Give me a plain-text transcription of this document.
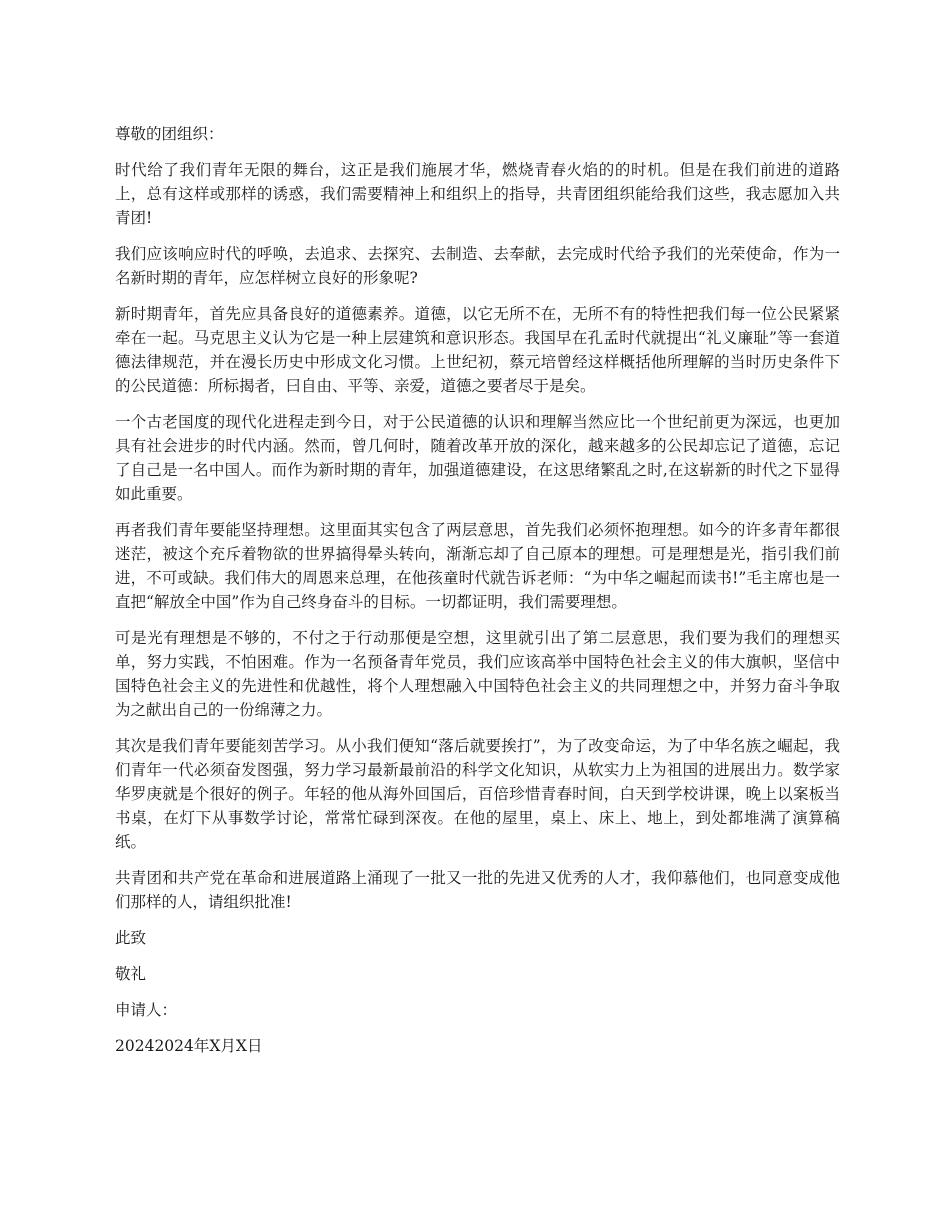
尊敬的团组织：

时代给了我们青年无限的舞台，这正是我们施展才华，燃烧青春火焰的的时机。但是在我们前进的道路上，总有这样或那样的诱惑，我们需要精神上和组织上的指导，共青团组织能给我们这些，我志愿加入共青团!

我们应该响应时代的呼唤，去追求、去探究、去制造、去奉献，去完成时代给予我们的光荣使命，作为一名新时期的青年，应怎样树立良好的形象呢?

新时期青年，首先应具备良好的道德素养。道德，以它无所不在，无所不有的特性把我们每一位公民紧紧牵在一起。马克思主义认为它是一种上层建筑和意识形态。我国早在孔孟时代就提出“礼义廉耻”等一套道德法律规范，并在漫长历史中形成文化习惯。上世纪初，蔡元培曾经这样概括他所理解的当时历史条件下的公民道德：所标揭者，曰自由、平等、亲爱，道德之要者尽于是矣。

一个古老国度的现代化进程走到今日，对于公民道德的认识和理解当然应比一个世纪前更为深远，也更加具有社会进步的时代内涵。然而，曾几何时，随着改革开放的深化，越来越多的公民却忘记了道德，忘记了自己是一名中国人。而作为新时期的青年，加强道德建设，在这思绪繁乱之时,在这崭新的时代之下显得如此重要。

再者我们青年要能坚持理想。这里面其实包含了两层意思，首先我们必须怀抱理想。如今的许多青年都很迷茫，被这个充斥着物欲的世界搞得晕头转向，渐渐忘却了自己原本的理想。可是理想是光，指引我们前进，不可或缺。我们伟大的周恩来总理，在他孩童时代就告诉老师：“为中华之崛起而读书!”毛主席也是一直把“解放全中国”作为自己终身奋斗的目标。一切都证明，我们需要理想。

可是光有理想是不够的，不付之于行动那便是空想，这里就引出了第二层意思，我们要为我们的理想买单，努力实践，不怕困难。作为一名预备青年党员，我们应该高举中国特色社会主义的伟大旗帜，坚信中国特色社会主义的先进性和优越性，将个人理想融入中国特色社会主义的共同理想之中，并努力奋斗争取为之献出自己的一份绵薄之力。

其次是我们青年要能刻苦学习。从小我们便知“落后就要挨打”，为了改变命运，为了中华名族之崛起，我们青年一代必须奋发图强，努力学习最新最前沿的科学文化知识，从软实力上为祖国的进展出力。数学家华罗庚就是个很好的例子。年轻的他从海外回国后，百倍珍惜青春时间，白天到学校讲课，晚上以案板当书桌，在灯下从事数学讨论，常常忙碌到深夜。在他的屋里，桌上、床上、地上，到处都堆满了演算稿纸。

共青团和共产党在革命和进展道路上涌现了一批又一批的先进又优秀的人才，我仰慕他们，也同意变成他们那样的人，请组织批准!

此致

敬礼

申请人：

20242024年X月X日
